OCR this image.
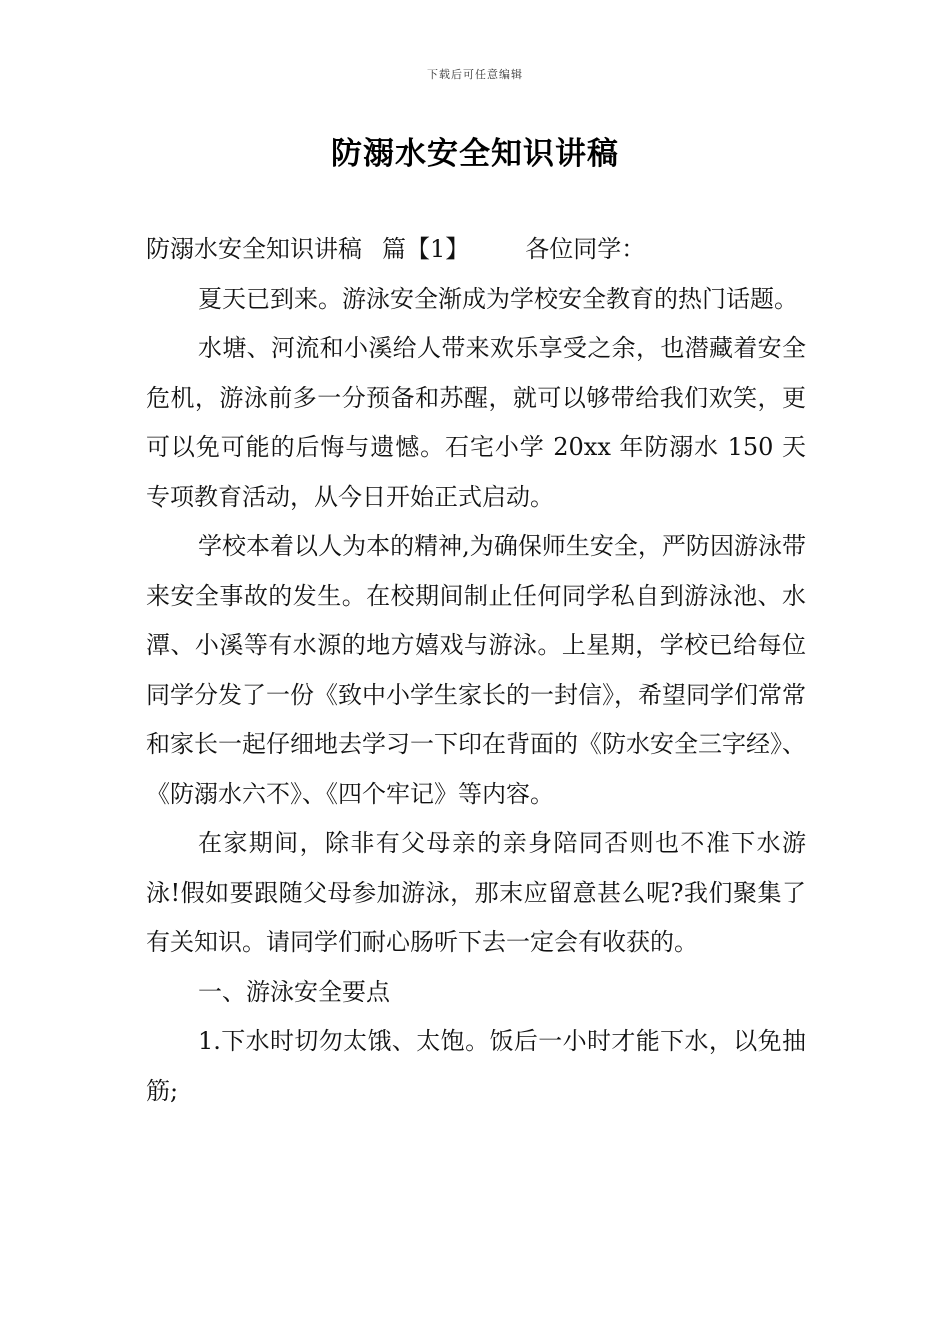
下载后可任意编辑
防溺水安全知识讲稿

防溺水安全知识讲稿 篇【1】 各位同学：

夏天已到来。游泳安全渐成为学校安全教育的热门话题。

水塘、河流和小溪给人带来欢乐享受之余，也潜藏着安全危机，游泳前多一分预备和苏醒，就可以够带给我们欢笑，更可以免可能的后悔与遗憾。石宅小学 20xx 年防溺水 150 天专项教育活动，从今日开始正式启动。

学校本着以人为本的精神,为确保师生安全，严防因游泳带来安全事故的发生。在校期间制止任何同学私自到游泳池、水潭、小溪等有水源的地方嬉戏与游泳。上星期，学校已给每位同学分发了一份《致中小学生家长的一封信》，希望同学们常常和家长一起仔细地去学习一下印在背面的《防水安全三字经》、《防溺水六不》、《四个牢记》等内容。

在家期间，除非有父母亲的亲身陪同否则也不准下水游泳!假如要跟随父母参加游泳，那末应留意甚么呢?我们聚集了有关知识。请同学们耐心肠听下去一定会有收获的。

一、游泳安全要点

1.下水时切勿太饿、太饱。饭后一小时才能下水，以免抽筋;
